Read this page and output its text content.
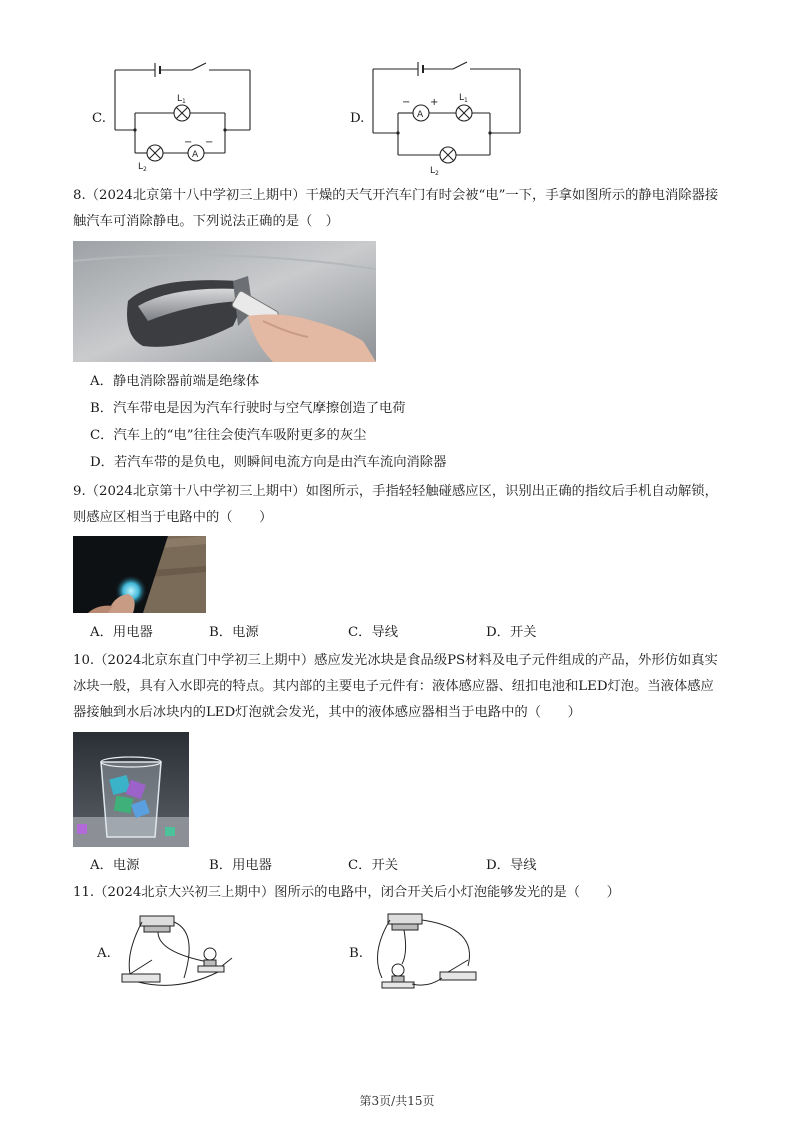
C.
$L_1$
$L_2$
A
− −
D.	A
− + $L_1$
$L_2$
8.（2024北京第十八中学初三上期中）干燥的天气开汽车门有时会被“电”一下，手拿如图所示的静电消除器接触汽车可消除静电。下列说法正确的是（　）
A．静电消除器前端是绝缘体
B．汽车带电是因为汽车行驶时与空气摩擦创造了电荷
C．汽车上的“电”往往会使汽车吸附更多的灰尘
D．若汽车带的是负电，则瞬间电流方向是由汽车流向消除器
9.（2024北京第十八中学初三上期中）如图所示，手指轻轻触碰感应区，识别出正确的指纹后手机自动解锁，则感应区相当于电路中的（　　）
A．用电器	B．电源	C．导线	D．开关
10.（2024北京东直门中学初三上期中）感应发光冰块是食品级PS材料及电子元件组成的产品，外形仿如真实冰块一般，具有入水即亮的特点。其内部的主要电子元件有：液体感应器、纽扣电池和LED灯泡。当液体感应器接触到水后冰块内的LED灯泡就会发光，其中的液体感应器相当于电路中的（　　）
A．电源	B．用电器	C．开关	D．导线
11.（2024北京大兴初三上期中）图所示的电路中，闭合开关后小灯泡能够发光的是（　　）
A.	B.
第3页/共15页
